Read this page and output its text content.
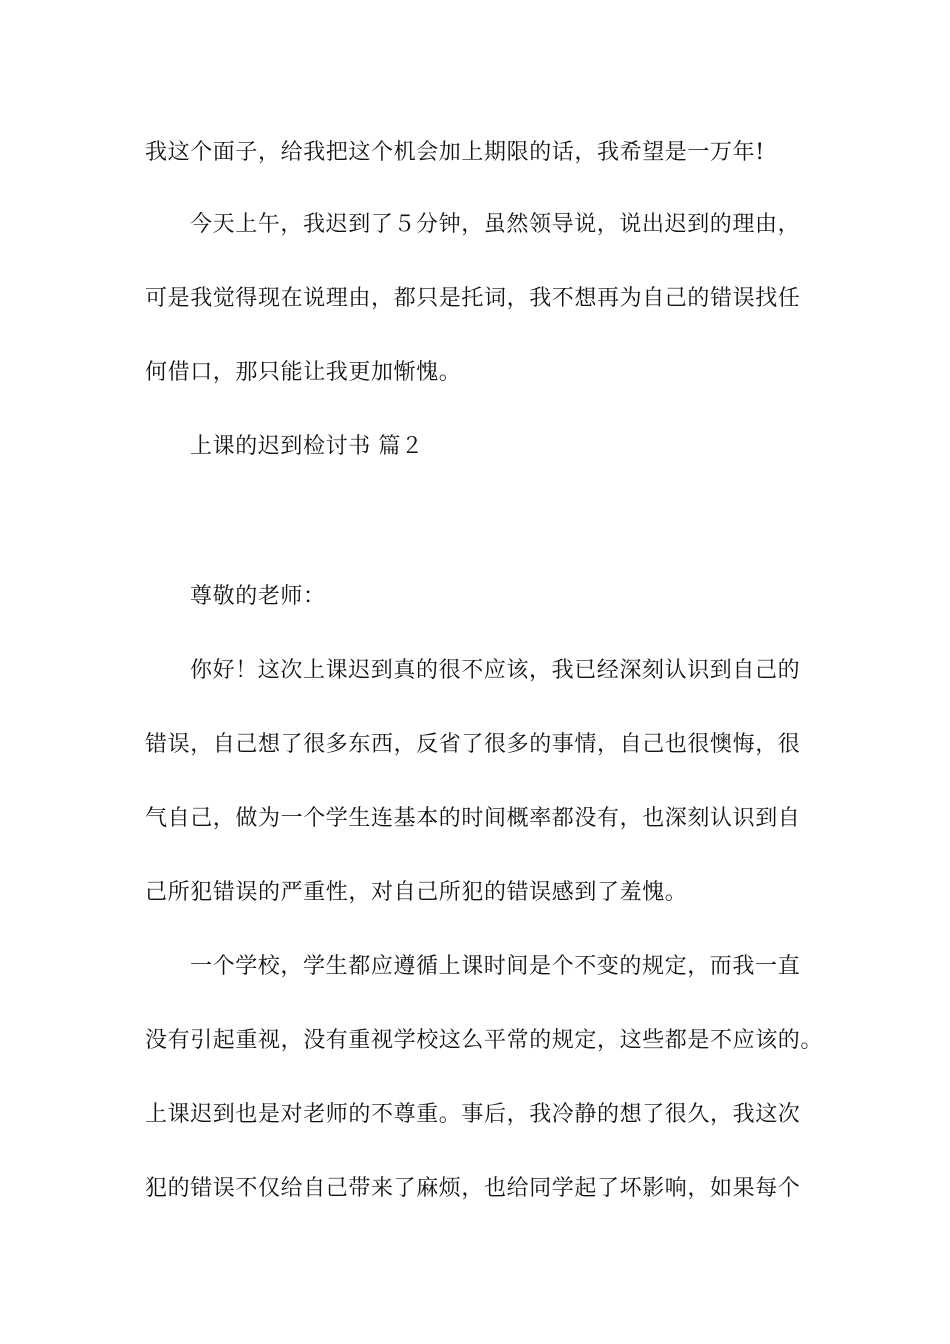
我这个面子，给我把这个机会加上期限的话，我希望是一万年!
今天上午，我迟到了５分钟，虽然领导说，说出迟到的理由，
可是我觉得现在说理由，都只是托词，我不想再为自己的错误找任
何借口，那只能让我更加惭愧。
上课的迟到检讨书 篇２
尊敬的老师：
你好！这次上课迟到真的很不应该，我已经深刻认识到自己的
错误，自己想了很多东西，反省了很多的事情，自己也很懊悔，很
气自己，做为一个学生连基本的时间概率都没有，也深刻认识到自
己所犯错误的严重性，对自己所犯的错误感到了羞愧。
一个学校，学生都应遵循上课时间是个不变的规定，而我一直
没有引起重视，没有重视学校这么平常的规定，这些都是不应该的。
上课迟到也是对老师的不尊重。事后，我冷静的想了很久，我这次
犯的错误不仅给自己带来了麻烦，也给同学起了坏影响，如果每个
